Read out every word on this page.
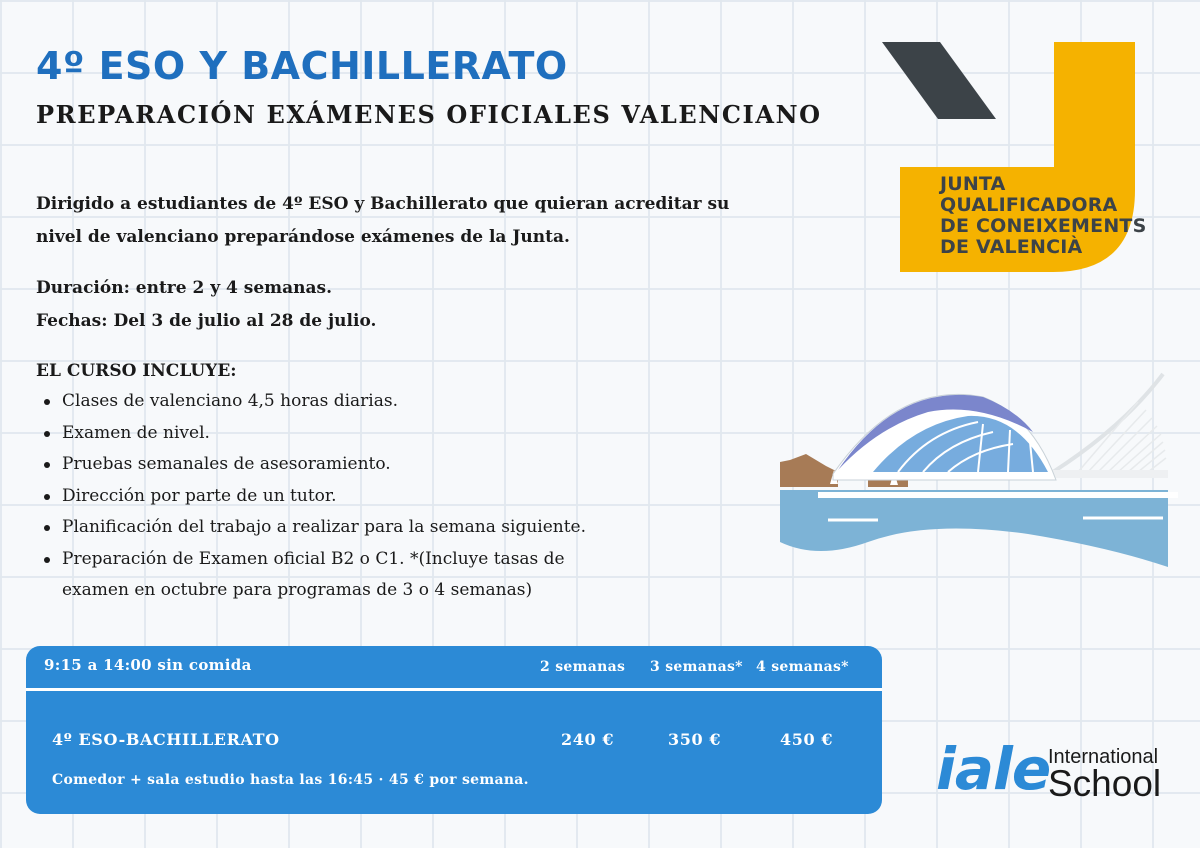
4º ESO Y BACHILLERATO
PREPARACIÓN EXÁMENES OFICIALES VALENCIANO
Dirigido a estudiantes de 4º ESO y Bachillerato que quieran acreditar su
nivel de valenciano preparándose exámenes de la Junta.
Duración: entre 2 y 4 semanas.
Fechas: Del 3 de julio al 28 de julio.
EL CURSO INCLUYE:
Clases de valenciano 4,5 horas diarias.
Examen de nivel.
Pruebas semanales de asesoramiento.
Dirección por parte de un tutor.
Planificación del trabajo a realizar para la semana siguiente.
Preparación de Examen oficial B2 o C1. *(Incluye tasas de
examen en octubre para programas de 3 o 4 semanas)
JUNTA
QUALIFICADORA
DE CONEIXEMENTS
DE VALENCIÀ
9:15 a 14:00 sin comida	2 semanas 3 semanas* 4 semanas*
4º ESO-BACHILLERATO	240 €	350 €	450 €
Comedor + sala estudio hasta las 16:45 · 45 € por semana.	iale
International
School
